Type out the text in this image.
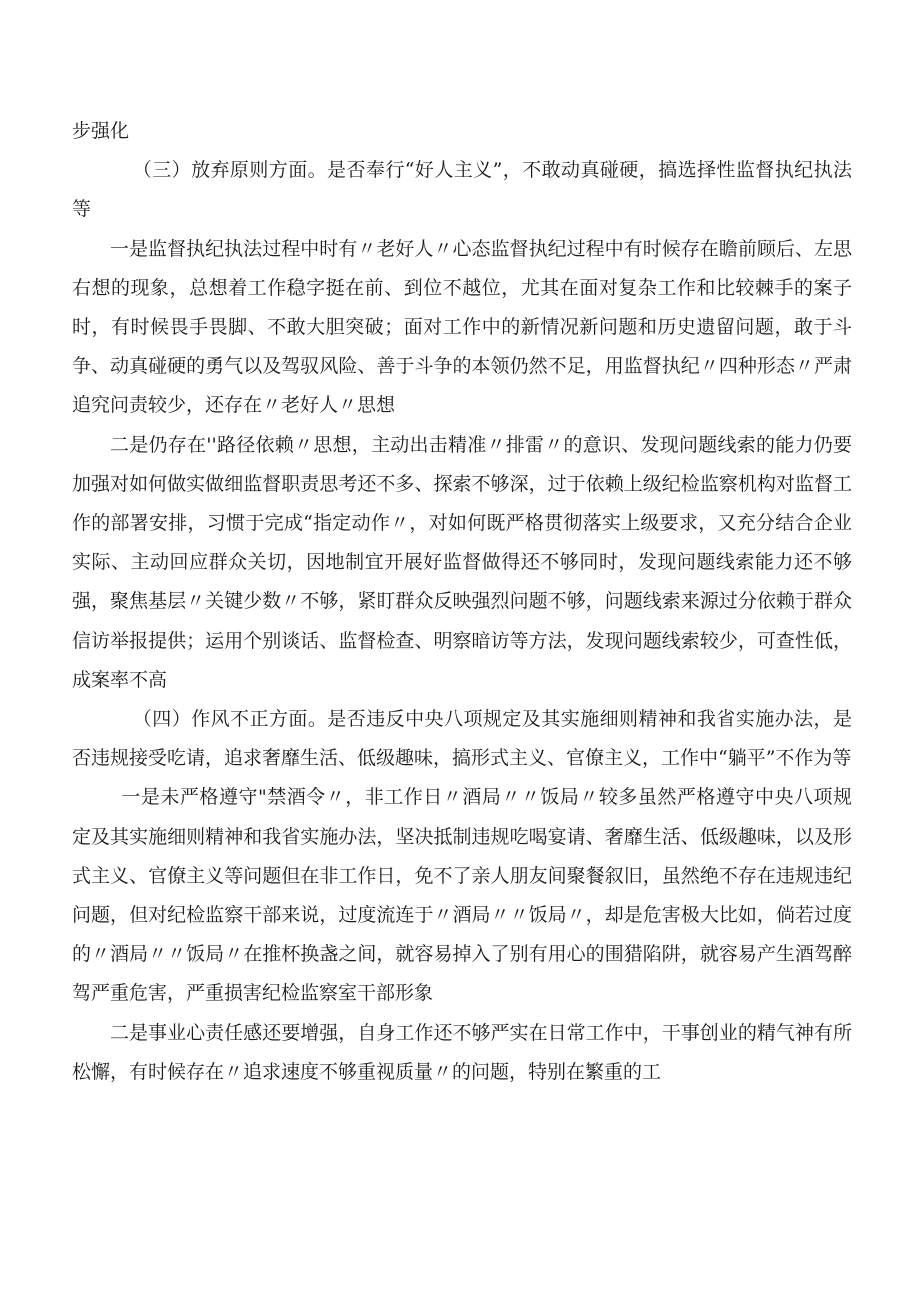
步强化

（三）放弃原则方面。是否奉行“好人主义”，不敢动真碰硬，搞选择性监督执纪执法等

一是监督执纪执法过程中时有〃老好人〃心态监督执纪过程中有时候存在瞻前顾后、左思右想的现象，总想着工作稳字挺在前、到位不越位，尤其在面对复杂工作和比较棘手的案子时，有时候畏手畏脚、不敢大胆突破；面对工作中的新情况新问题和历史遗留问题，敢于斗争、动真碰硬的勇气以及驾驭风险、善于斗争的本领仍然不足，用监督执纪〃四种形态〃严肃追究问责较少，还存在〃老好人〃思想

二是仍存在''路径依赖〃思想，主动出击精准〃排雷〃的意识、发现问题线索的能力仍要加强对如何做实做细监督职责思考还不多、探索不够深，过于依赖上级纪检监察机构对监督工作的部署安排，习惯于完成“指定动作〃，对如何既严格贯彻落实上级要求，又充分结合企业实际、主动回应群众关切，因地制宜开展好监督做得还不够同时，发现问题线索能力还不够强，聚焦基层〃关键少数〃不够，紧盯群众反映强烈问题不够，问题线索来源过分依赖于群众信访举报提供；运用个别谈话、监督检查、明察暗访等方法，发现问题线索较少，可查性低，成案率不高

（四）作风不正方面。是否违反中央八项规定及其实施细则精神和我省实施办法，是否违规接受吃请，追求奢靡生活、低级趣味，搞形式主义、官僚主义，工作中“躺平”不作为等

一是未严格遵守"禁酒令〃，非工作日〃酒局〃〃饭局〃较多虽然严格遵守中央八项规定及其实施细则精神和我省实施办法，坚决抵制违规吃喝宴请、奢靡生活、低级趣味，以及形式主义、官僚主义等问题但在非工作日，免不了亲人朋友间聚餐叙旧，虽然绝不存在违规违纪问题，但对纪检监察干部来说，过度流连于〃酒局〃〃饭局〃，却是危害极大比如，倘若过度的〃酒局〃〃饭局〃在推杯换盏之间，就容易掉入了别有用心的围猎陷阱，就容易产生酒驾醉驾严重危害，严重损害纪检监察室干部形象

二是事业心责任感还要增强，自身工作还不够严实在日常工作中，干事创业的精气神有所松懈，有时候存在〃追求速度不够重视质量〃的问题，特别在繁重的工
